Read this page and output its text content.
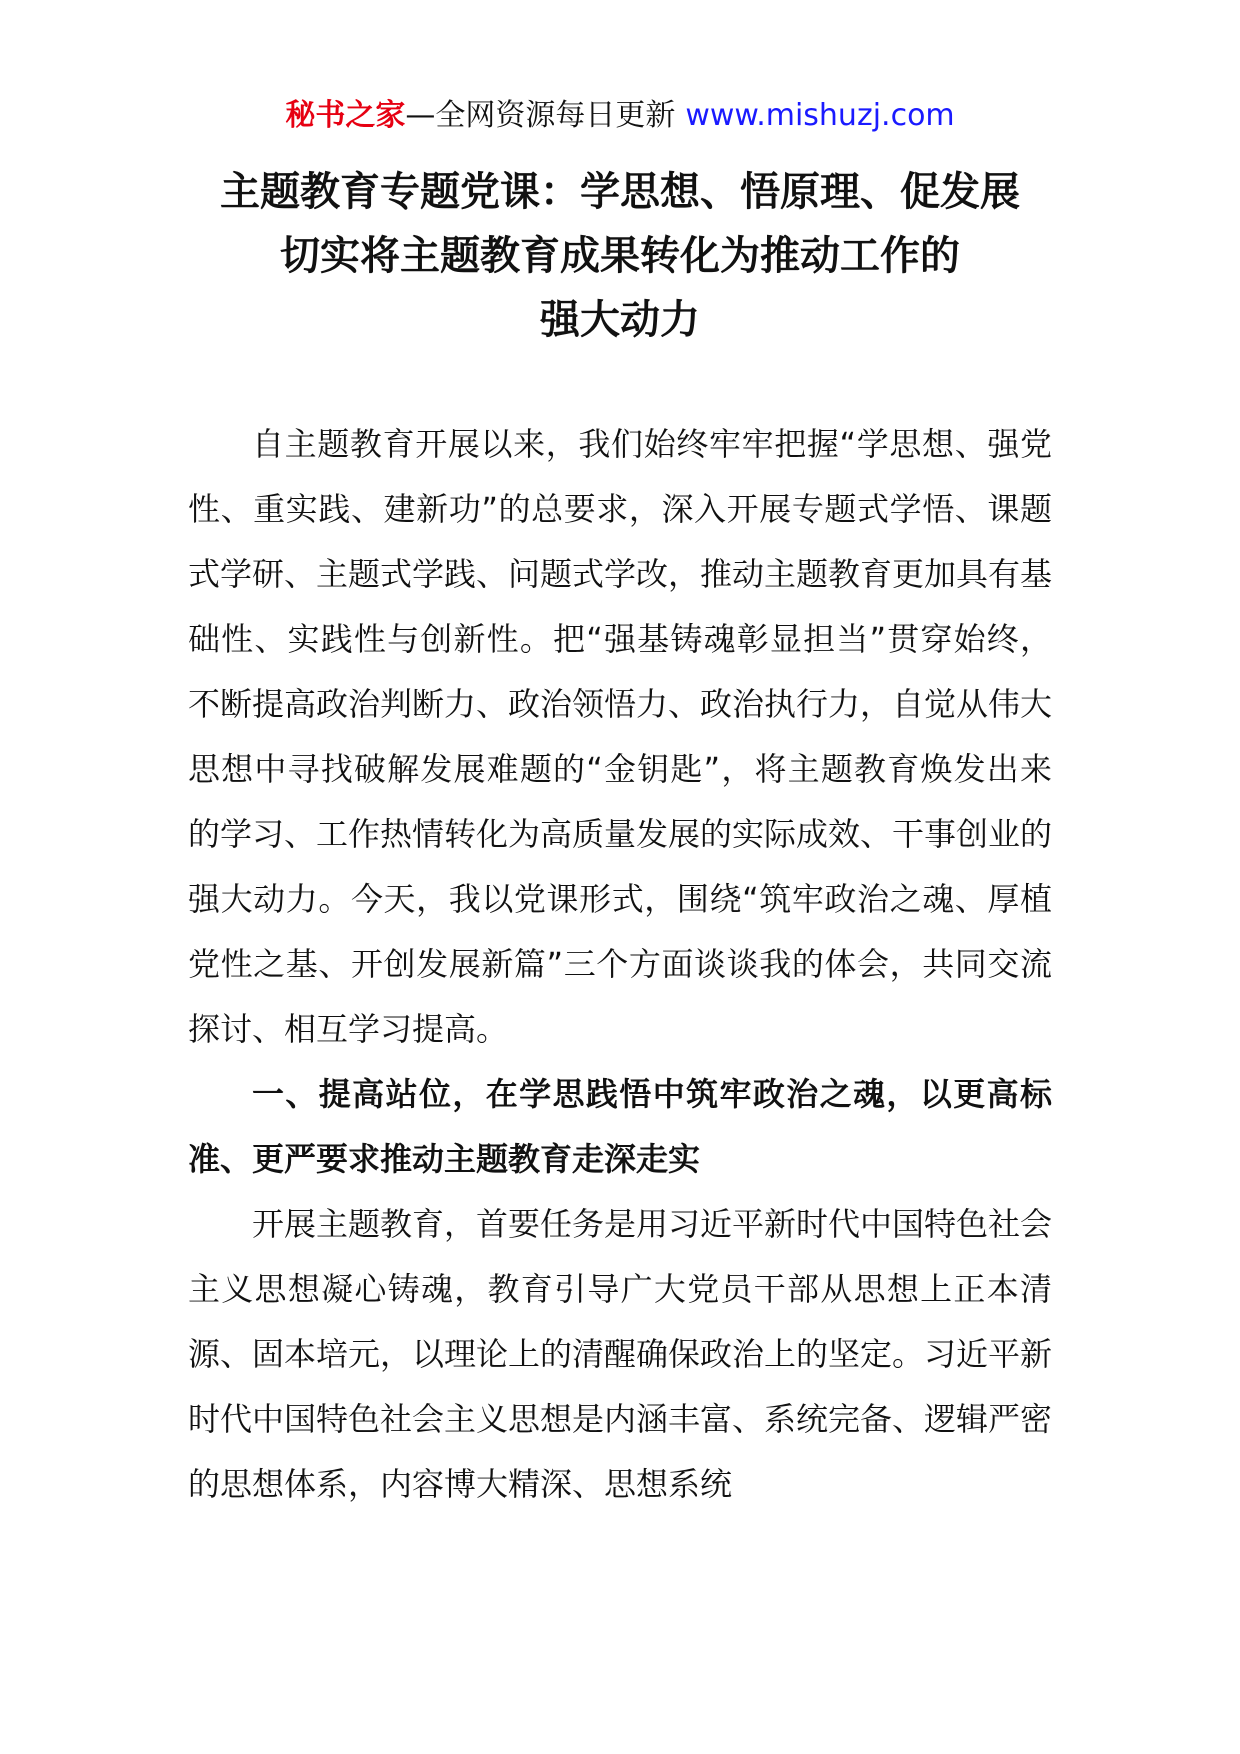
秘书之家—全网资源每日更新 www.mishuzj.com
主题教育专题党课：学思想、悟原理、促发展
切实将主题教育成果转化为推动工作的
强大动力

自主题教育开展以来，我们始终牢牢把握“学思想、强党性、重实践、建新功”的总要求，深入开展专题式学悟、课题式学研、主题式学践、问题式学改，推动主题教育更加具有基础性、实践性与创新性。把“强基铸魂彰显担当”贯穿始终，不断提高政治判断力、政治领悟力、政治执行力，自觉从伟大思想中寻找破解发展难题的“金钥匙”，将主题教育焕发出来的学习、工作热情转化为高质量发展的实际成效、干事创业的强大动力。今天，我以党课形式，围绕“筑牢政治之魂、厚植党性之基、开创发展新篇”三个方面谈谈我的体会，共同交流探讨、相互学习提高。

一、提高站位，在学思践悟中筑牢政治之魂，以更高标准、更严要求推动主题教育走深走实

开展主题教育，首要任务是用习近平新时代中国特色社会主义思想凝心铸魂，教育引导广大党员干部从思想上正本清源、固本培元，以理论上的清醒确保政治上的坚定。习近平新时代中国特色社会主义思想是内涵丰富、系统完备、逻辑严密的思想体系，内容博大精深、思想系统
